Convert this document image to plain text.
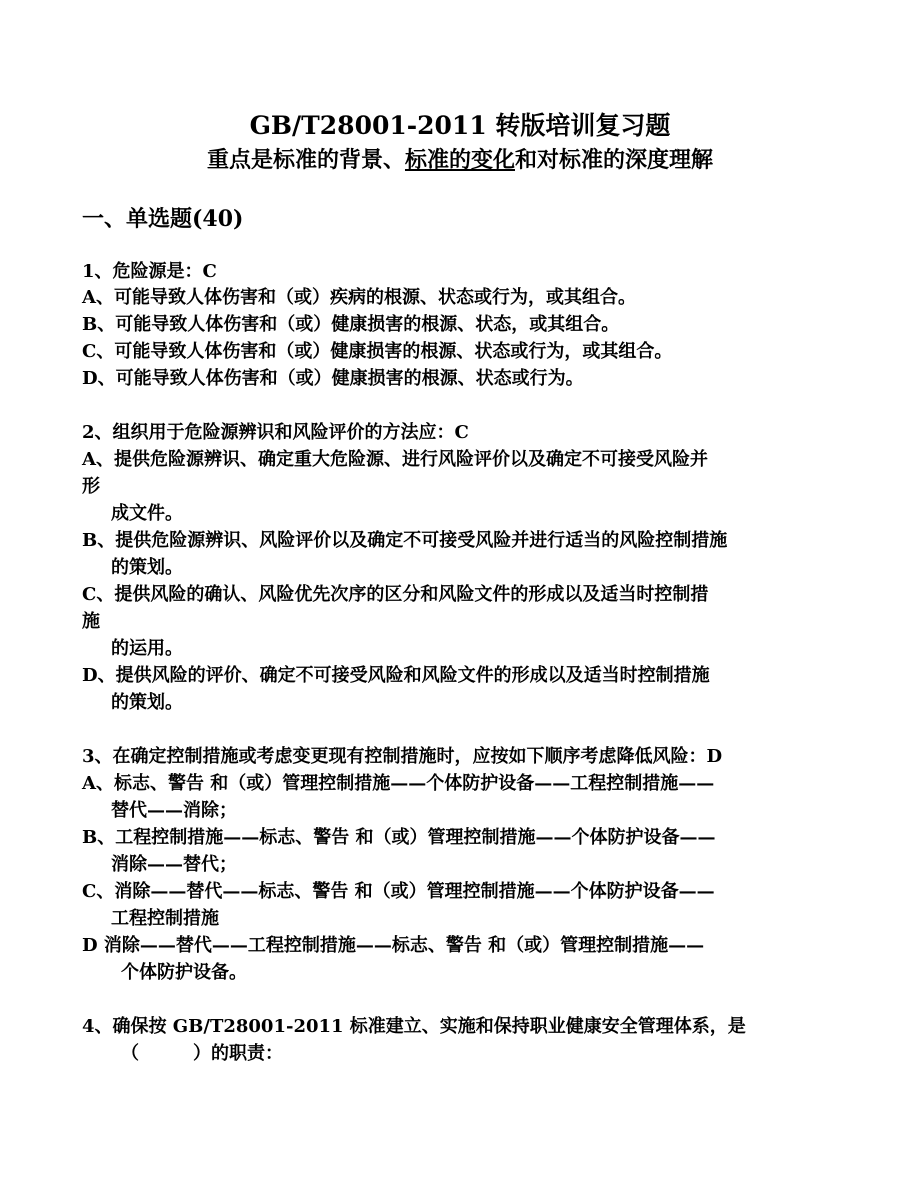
GB/T28001-2011 转版培训复习题
重点是标准的背景、标准的变化和对标准的深度理解
一、单选题(40)
1、危险源是：C
A、可能导致人体伤害和（或）疾病的根源、状态或行为，或其组合。
B、可能导致人体伤害和（或）健康损害的根源、状态，或其组合。
C、可能导致人体伤害和（或）健康损害的根源、状态或行为，或其组合。
D、可能导致人体伤害和（或）健康损害的根源、状态或行为。
2、组织用于危险源辨识和风险评价的方法应：C
A、提供危险源辨识、确定重大危险源、进行风险评价以及确定不可接受风险并
形
成文件。
B、提供危险源辨识、风险评价以及确定不可接受风险并进行适当的风险控制措施
的策划。
C、提供风险的确认、风险优先次序的区分和风险文件的形成以及适当时控制措
施
的运用。
D、提供风险的评价、确定不可接受风险和风险文件的形成以及适当时控制措施
的策划。
3、在确定控制措施或考虑变更现有控制措施时，应按如下顺序考虑降低风险：D
A、标志、警告 和（或）管理控制措施——个体防护设备——工程控制措施——
替代——消除；
B、工程控制措施——标志、警告 和（或）管理控制措施——个体防护设备——
消除——替代；
C、消除——替代——标志、警告 和（或）管理控制措施——个体防护设备——
工程控制措施
D 消除——替代——工程控制措施——标志、警告 和（或）管理控制措施——
个体防护设备。
4、确保按 GB/T28001-2011 标准建立、实施和保持职业健康安全管理体系，是
（　　　）的职责：
